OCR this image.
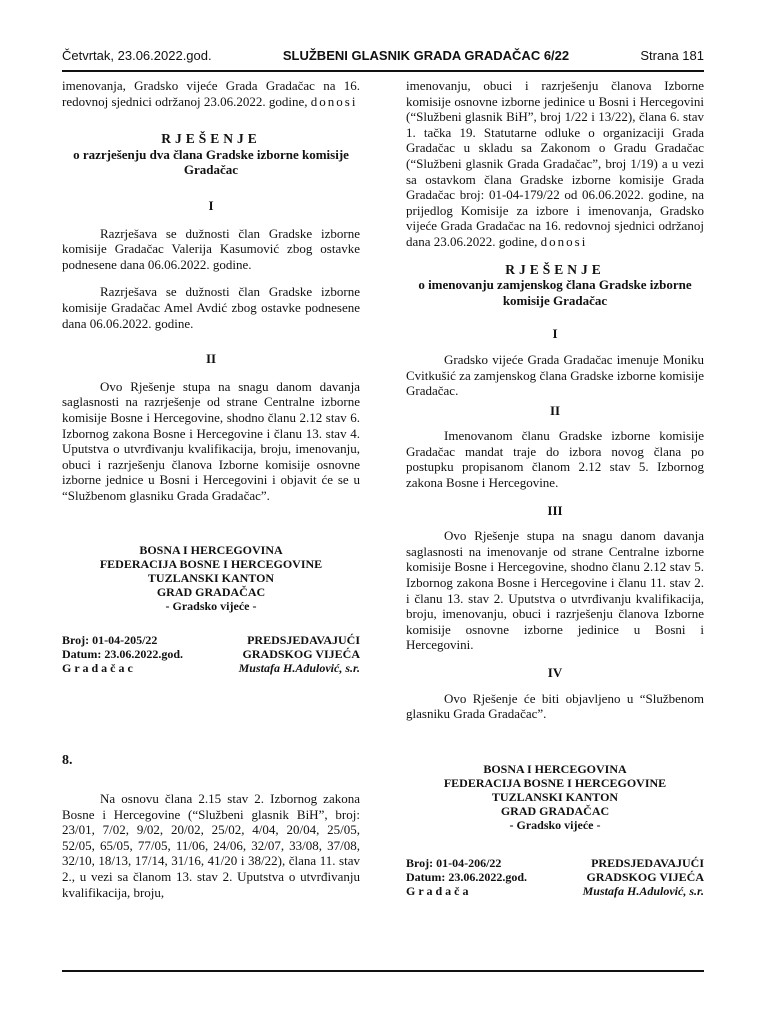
Četvrtak, 23.06.2022.god.	SLUŽBENI GLASNIK GRADA GRADAČAC 6/22	Strana 181

imenovanja, Gradsko vijeće Grada Gradačac na 16. redovnoj sjednici održanoj 23.06.2022. godine, donosi

RJEŠENJE

o razrješenju dva člana Gradske izborne komisije Gradačac

I

Razrješava se dužnosti član Gradske izborne komisije Gradačac Valerija Kasumović zbog ostavke podnesene dana 06.06.2022. godine.

Razrješava se dužnosti član Gradske izborne komisije Gradačac Amel Avdić zbog ostavke podnesene dana 06.06.2022. godine.

II

Ovo Rješenje stupa na snagu danom davanja saglasnosti na razrješenje od strane Centralne izborne komisije Bosne i Hercegovine, shodno članu 2.12 stav 6. Izbornog zakona Bosne i Hercegovine i članu 13. stav 4. Uputstva o utvrđivanju kvalifikacija, broju, imenovanju, obuci i razrješenju članova Izborne komisije osnovne izborne jednice u Bosni i Hercegovini i objavit će se u “Službenom glasniku Grada Gradačac”.

BOSNA I HERCEGOVINA
FEDERACIJA BOSNE I HERCEGOVINE
TUZLANSKI KANTON
GRAD GRADAČAC
- Gradsko vijeće -
Broj: 01-04-205/22
Datum: 23.06.2022.god.
G r a d a č a c
PREDSJEDAVAJUĆI
GRADSKOG VIJEĆA
Mustafa H.Adulović, s.r.
8.

Na osnovu člana 2.15 stav 2. Izbornog zakona Bosne i Hercegovine (“Službeni glasnik BiH”, broj: 23/01, 7/02, 9/02, 20/02, 25/02, 4/04, 20/04, 25/05, 52/05, 65/05, 77/05, 11/06, 24/06, 32/07, 33/08, 37/08, 32/10, 18/13, 17/14, 31/16, 41/20 i 38/22), člana 11. stav 2., u vezi sa članom 13. stav 2. Uputstva o utvrđivanju kvalifikacija, broju,

imenovanju, obuci i razrješenju članova Izborne komisije osnovne izborne jedinice u Bosni i Hercegovini (“Službeni glasnik BiH”, broj 1/22 i 13/22), člana 6. stav 1. tačka 19. Statutarne odluke o organizaciji Grada Gradačac u skladu sa Zakonom o Gradu Gradačac (“Službeni glasnik Grada Gradačac”, broj 1/19) a u vezi sa ostavkom člana Gradske izborne komisije Grada Gradačac broj: 01-04-179/22 od 06.06.2022. godine, na prijedlog Komisije za izbore i imenovanja, Gradsko vijeće Grada Gradačac na 16. redovnoj sjednici održanoj dana 23.06.2022. godine, donosi

RJEŠENJE

o imenovanju zamjenskog člana Gradske izborne komisije Gradačac

I

Gradsko vijeće Grada Gradačac imenuje Moniku Cvitkušić za zamjenskog člana Gradske izborne komisije Gradačac.

II

Imenovanom članu Gradske izborne komisije Gradačac mandat traje do izbora novog člana po postupku propisanom članom 2.12 stav 5. Izbornog zakona Bosne i Hercegovine.

III

Ovo Rješenje stupa na snagu danom davanja saglasnosti na imenovanje od strane Centralne izborne komisije Bosne i Hercegovine, shodno članu 2.12 stav 5. Izbornog zakona Bosne i Hercegovine i članu 11. stav 2. i članu 13. stav 2. Uputstva o utvrđivanju kvalifikacija, broju, imenovanju, obuci i razrješenju članova Izborne komisije osnovne izborne jedinice u Bosni i Hercegovini.

IV

Ovo Rješenje će biti objavljeno u “Službenom glasniku Grada Gradačac”.

BOSNA I HERCEGOVINA
FEDERACIJA BOSNE I HERCEGOVINE
TUZLANSKI KANTON
GRAD GRADAČAC
- Gradsko vijeće -
Broj: 01-04-206/22
Datum: 23.06.2022.god.
G r a d a č a
PREDSJEDAVAJUĆI
GRADSKOG VIJEĆA
Mustafa H.Adulović, s.r.
